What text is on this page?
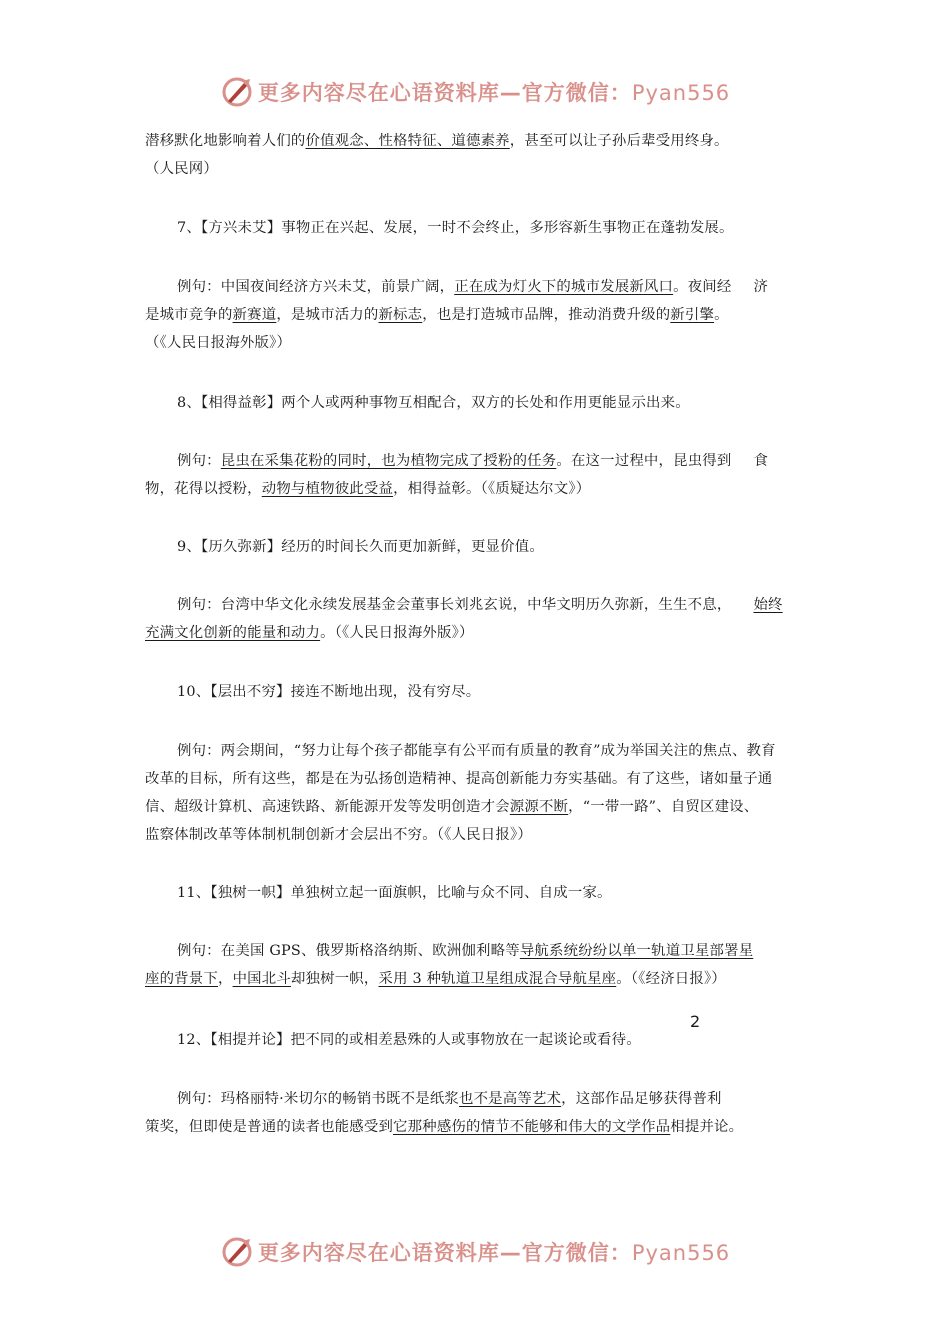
更多内容尽在心语资料库—官方微信：Pyan556
潜移默化地影响着人们的价值观念、性格特征、道德素养，甚至可以让子孙后辈受用终身。
（人民网）
7、【方兴未艾】事物正在兴起、发展，一时不会终止，多形容新生事物正在蓬勃发展。
例句：中国夜间经济方兴未艾，前景广阔，正在成为灯火下的城市发展新风口。夜间经 济
是城市竞争的新赛道，是城市活力的新标志，也是打造城市品牌，推动消费升级的新引擎。
（《人民日报海外版》）
8、【相得益彰】两个人或两种事物互相配合，双方的长处和作用更能显示出来。
例句：昆虫在采集花粉的同时，也为植物完成了授粉的任务。在这一过程中，昆虫得到 食
物，花得以授粉，动物与植物彼此受益，相得益彰。（《质疑达尔文》）
9、【历久弥新】经历的时间长久而更加新鲜，更显价值。
例句：台湾中华文化永续发展基金会董事长刘兆玄说，中华文明历久弥新，生生不息， 始终
充满文化创新的能量和动力。（《人民日报海外版》）
10、【层出不穷】接连不断地出现，没有穷尽。
例句：两会期间，“努力让每个孩子都能享有公平而有质量的教育”成为举国关注的焦点、教育
改革的目标，所有这些，都是在为弘扬创造精神、提高创新能力夯实基础。有了这些，诸如量子通
信、超级计算机、高速铁路、新能源开发等发明创造才会源源不断，“一带一路”、自贸区建设、
监察体制改革等体制机制创新才会层出不穷。（《人民日报》）
11、【独树一帜】单独树立起一面旗帜，比喻与众不同、自成一家。
例句：在美国 GPS、俄罗斯格洛纳斯、欧洲伽利略等导航系统纷纷以单一轨道卫星部署星
座的背景下，中国北斗却独树一帜，采用 3 种轨道卫星组成混合导航星座。（《经济日报》）
2
12、【相提并论】把不同的或相差悬殊的人或事物放在一起谈论或看待。
例句：玛格丽特·米切尔的畅销书既不是纸浆也不是高等艺术，这部作品足够获得普利
策奖，但即使是普通的读者也能感受到它那种感伤的情节不能够和伟大的文学作品相提并论。
更多内容尽在心语资料库—官方微信：Pyan556
